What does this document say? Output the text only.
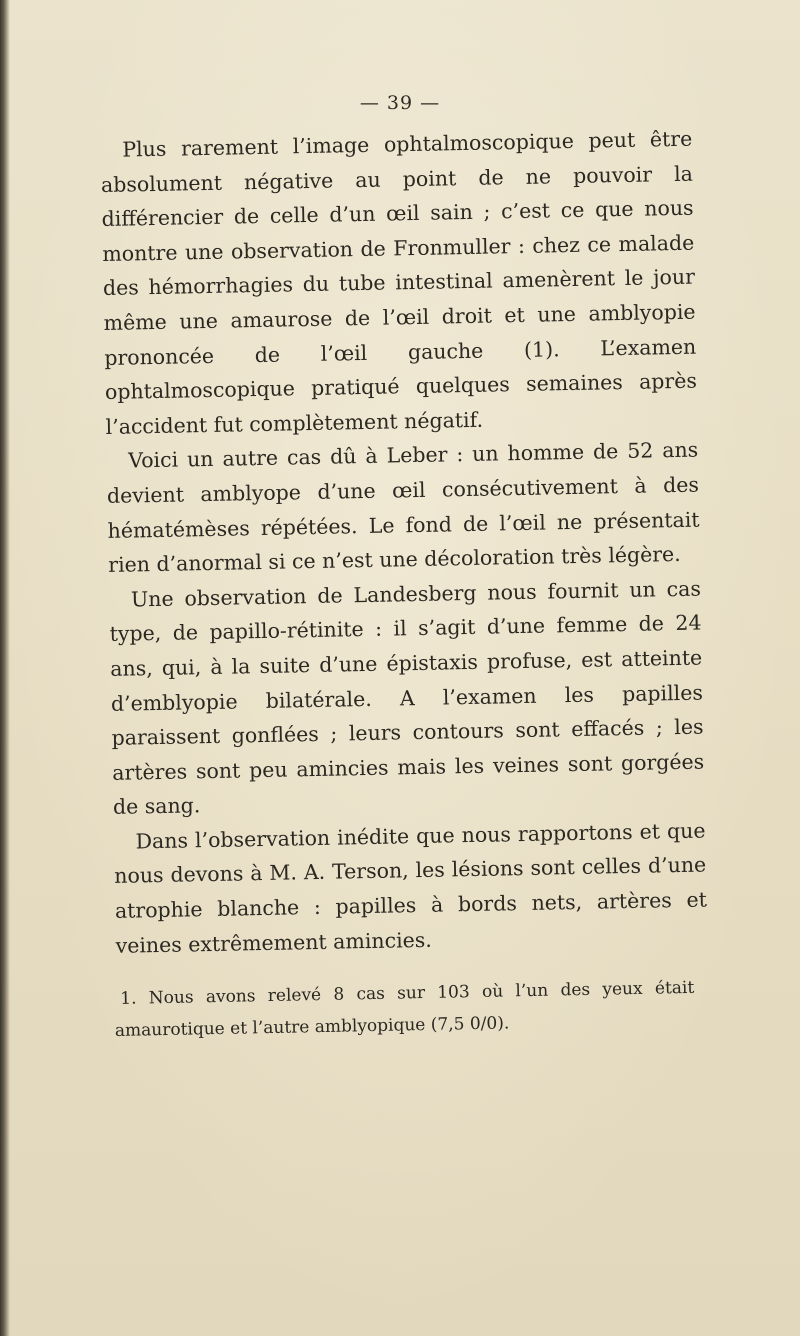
— 39 —

Plus rarement l’image ophtalmoscopique peut être absolument négative au point de ne pouvoir la différencier de celle d’un œil sain ; c’est ce que nous montre une observation de Fronmuller : chez ce malade des hémorrhagies du tube intestinal amenèrent le jour même une amaurose de l’œil droit et une amblyopie prononcée de l’œil gauche (1). L’examen ophtalmoscopique pratiqué quelques semaines après l’accident fut complètement négatif.

Voici un autre cas dû à Leber : un homme de 52 ans devient amblyope d’une œil consécutivement à des hématémèses répétées. Le fond de l’œil ne présentait rien d’anormal si ce n’est une décoloration très légère.

Une observation de Landesberg nous fournit un cas type, de papillo-rétinite : il s’agit d’une femme de 24 ans, qui, à la suite d’une épistaxis profuse, est atteinte d’emblyopie bilatérale. A l’examen les papilles paraissent gonflées ; leurs contours sont effacés ; les artères sont peu amincies mais les veines sont gorgées de sang.

Dans l’observation inédite que nous rapportons et que nous devons à M. A. Terson, les lésions sont celles d’une atrophie blanche : papilles à bords nets, artères et veines extrêmement amincies.

1. Nous avons relevé 8 cas sur 103 où l’un des yeux était amaurotique et l’autre amblyopique (7,5 0/0).
